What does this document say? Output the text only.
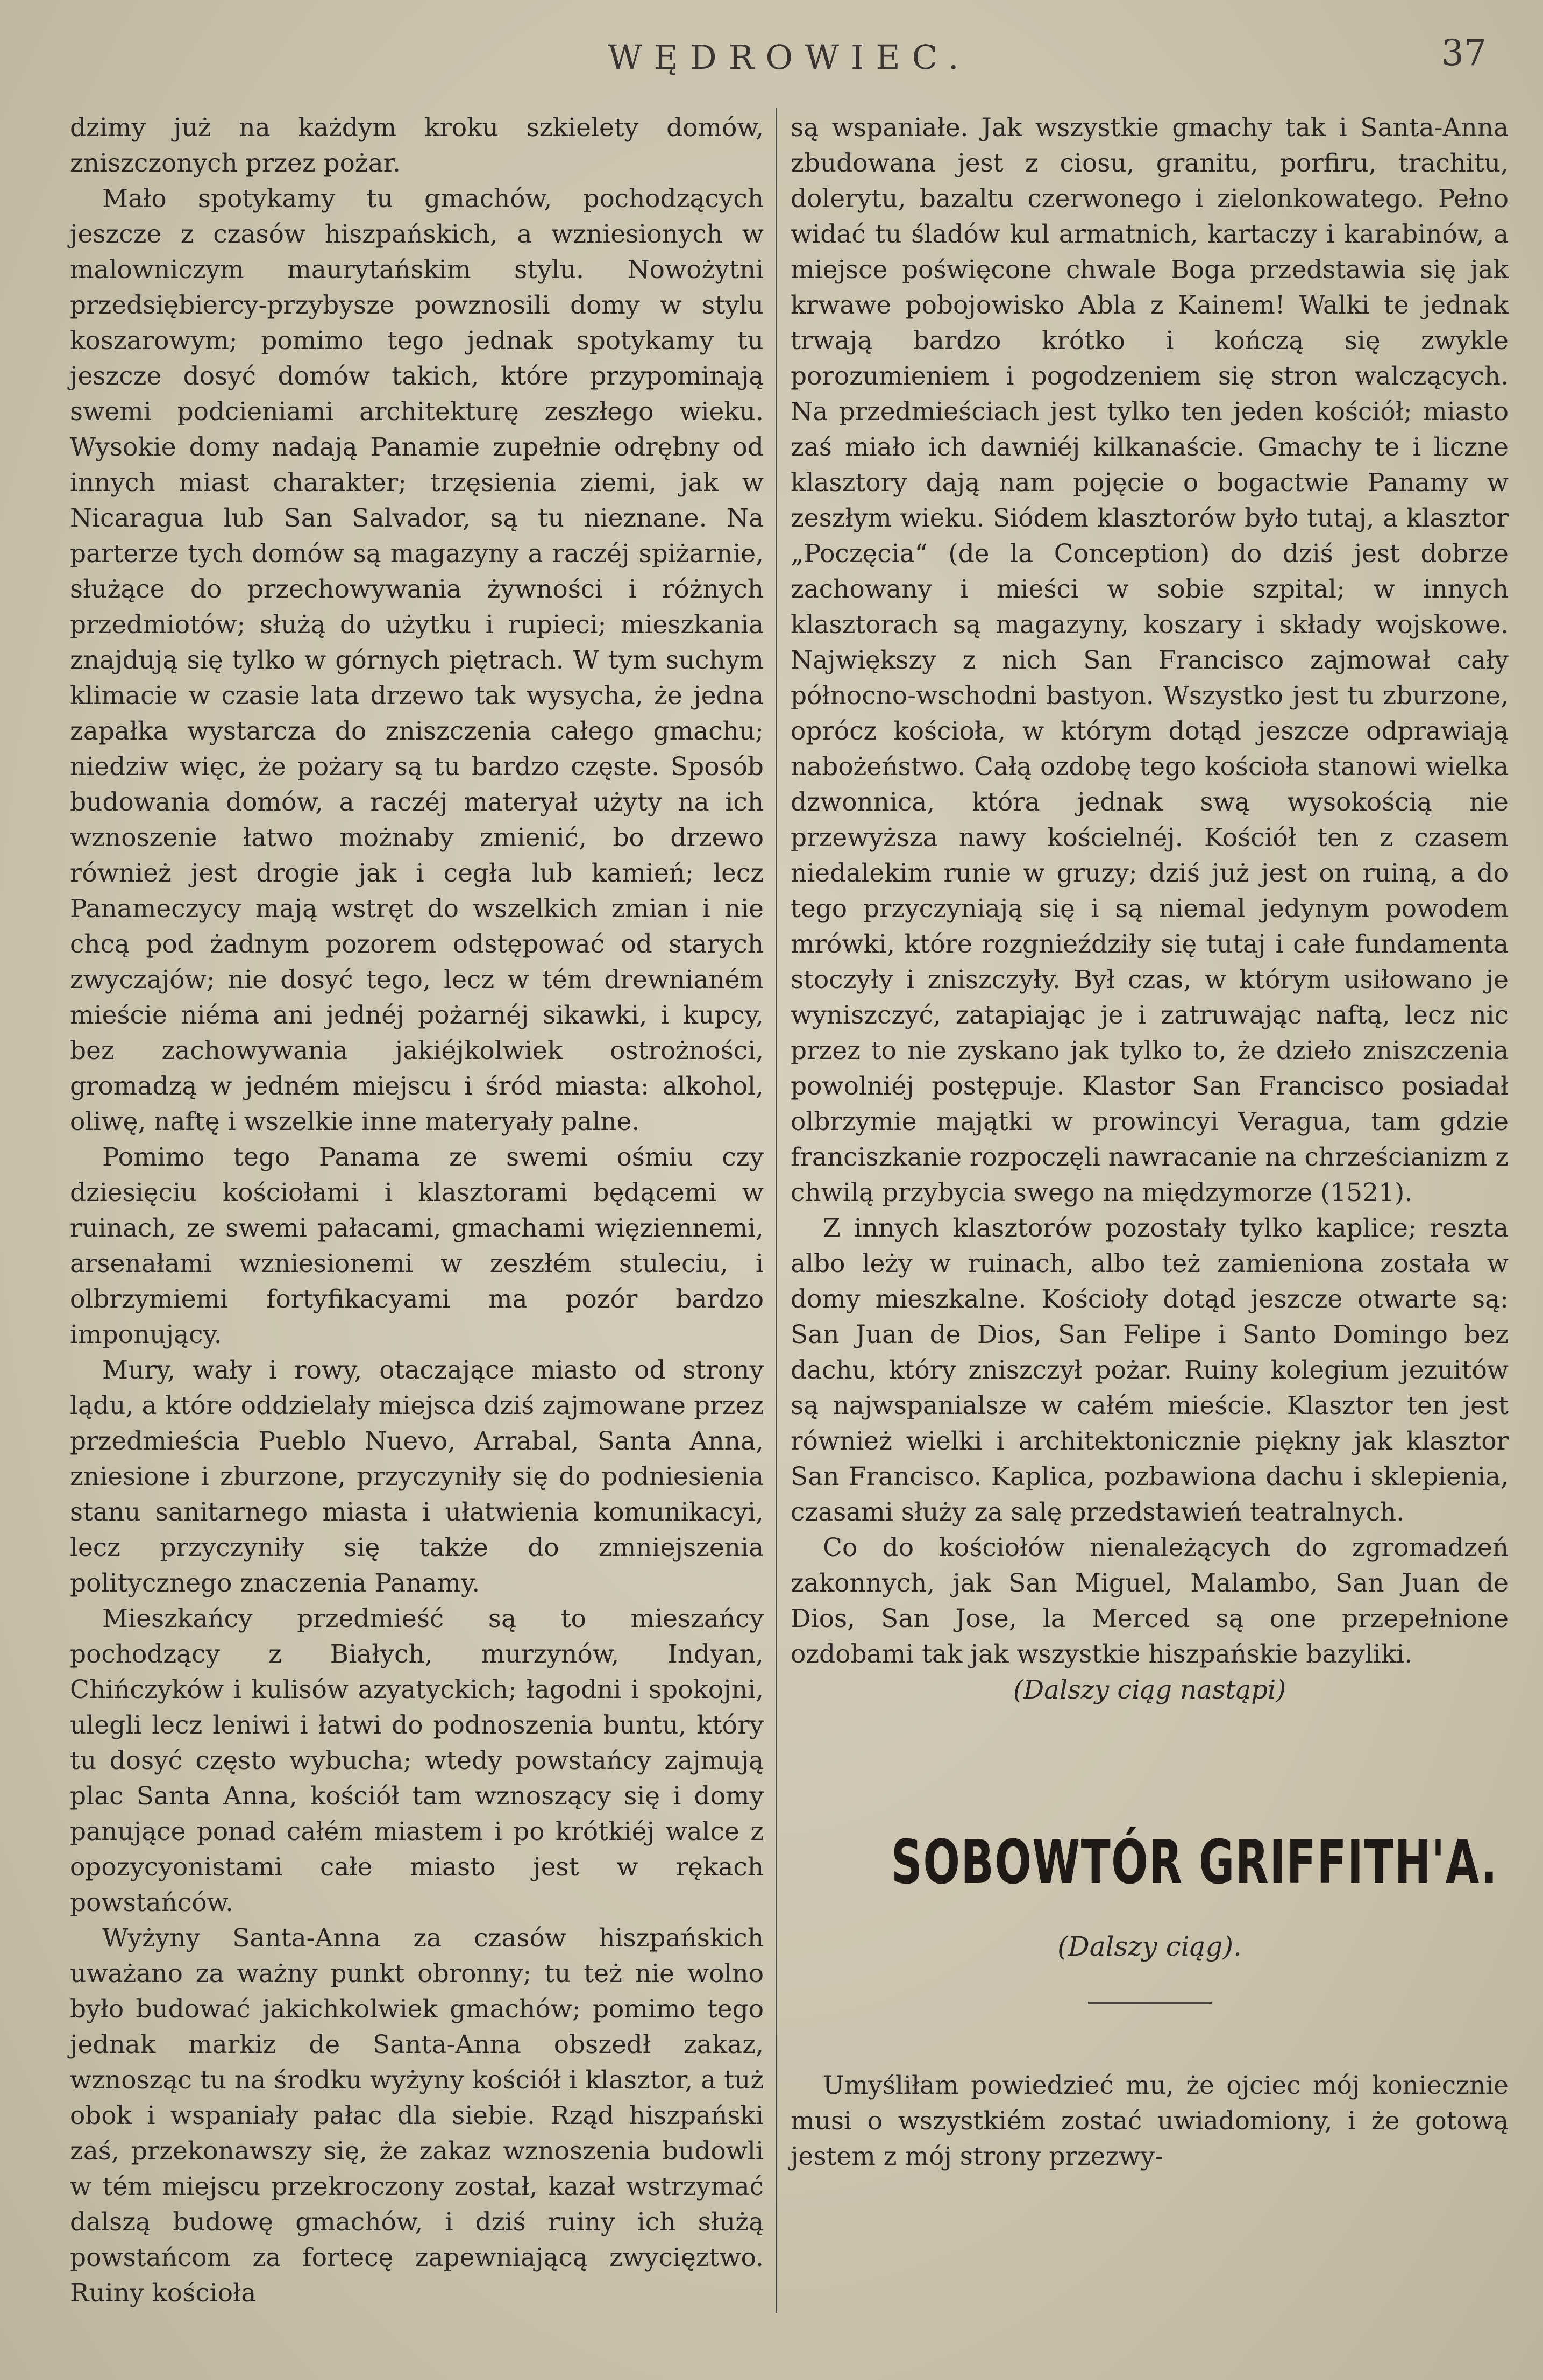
WĘDROWIEC.	37

dzimy już na każdym kroku szkielety domów, zniszczonych przez pożar.

Mało spotykamy tu gmachów, pochodzących jeszcze z czasów hiszpańskich, a wzniesionych w malowniczym maurytańskim stylu. Nowożytni przedsiębiercy-przybysze powznosili domy w stylu koszarowym; pomimo tego jednak spotykamy tu jeszcze dosyć domów takich, które przypominają swemi podcieniami architekturę zeszłego wieku. Wysokie domy nadają Panamie zupełnie odrębny od innych miast charakter; trzęsienia ziemi, jak w Nicaragua lub San Salvador, są tu nieznane. Na parterze tych domów są magazyny a raczéj spiżarnie, służące do przechowywania żywności i różnych przedmiotów; służą do użytku i rupieci; mieszkania znajdują się tylko w górnych piętrach. W tym suchym klimacie w czasie lata drzewo tak wysycha, że jedna zapałka wystarcza do zniszczenia całego gmachu; niedziw więc, że pożary są tu bardzo częste. Sposób budowania domów, a raczéj materyał użyty na ich wznoszenie łatwo możnaby zmienić, bo drzewo również jest drogie jak i cegła lub kamień; lecz Panameczycy mają wstręt do wszelkich zmian i nie chcą pod żadnym pozorem odstępować od starych zwyczajów; nie dosyć tego, lecz w tém drewnianém mieście niéma ani jednéj pożarnéj sikawki, i kupcy, bez zachowywania jakiéjkolwiek ostrożności, gromadzą w jedném miejscu i śród miasta: alkohol, oliwę, naftę i wszelkie inne materyały palne.

Pomimo tego Panama ze swemi ośmiu czy dziesięciu kościołami i klasztorami będącemi w ruinach, ze swemi pałacami, gmachami więziennemi, arsenałami wzniesionemi w zeszłém stuleciu, i olbrzymiemi fortyfikacyami ma pozór bardzo imponujący.

Mury, wały i rowy, otaczające miasto od strony lądu, a które oddzielały miejsca dziś zajmowane przez przedmieścia Pueblo Nuevo, Arrabal, Santa Anna, zniesione i zburzone, przyczyniły się do podniesienia stanu sanitarnego miasta i ułatwienia komunikacyi, lecz przyczyniły się także do zmniejszenia politycznego znaczenia Panamy.

Mieszkańcy przedmieść są to mieszańcy pochodzący z Białych, murzynów, Indyan, Chińczyków i kulisów azyatyckich; łagodni i spokojni, ulegli lecz leniwi i łatwi do podnoszenia buntu, który tu dosyć często wybucha; wtedy powstańcy zajmują plac Santa Anna, kościół tam wznoszący się i domy panujące ponad całém miastem i po krótkiéj walce z opozycyonistami całe miasto jest w rękach powstańców.

Wyżyny Santa-Anna za czasów hiszpańskich uważano za ważny punkt obronny; tu też nie wolno było budować jakichkolwiek gmachów; pomimo tego jednak markiz de Santa-Anna obszedł zakaz, wznosząc tu na środku wyżyny kościół i klasztor, a tuż obok i wspaniały pałac dla siebie. Rząd hiszpański zaś, przekonawszy się, że zakaz wznoszenia budowli w tém miejscu przekroczony został, kazał wstrzymać dalszą budowę gmachów, i dziś ruiny ich służą powstańcom za fortecę zapewniającą zwycięztwo. Ruiny kościoła

są wspaniałe. Jak wszystkie gmachy tak i Santa-Anna zbudowana jest z ciosu, granitu, porfiru, trachitu, dolerytu, bazaltu czerwonego i zielonkowatego. Pełno widać tu śladów kul armatnich, kartaczy i karabinów, a miejsce poświęcone chwale Boga przedstawia się jak krwawe pobojowisko Abla z Kainem! Walki te jednak trwają bardzo krótko i kończą się zwykle porozumieniem i pogodzeniem się stron walczących. Na przedmieściach jest tylko ten jeden kościół; miasto zaś miało ich dawniéj kilkanaście. Gmachy te i liczne klasztory dają nam pojęcie o bogactwie Panamy w zeszłym wieku. Siódem klasztorów było tutaj, a klasztor „Poczęcia“ (de la Conception) do dziś jest dobrze zachowany i mieści w sobie szpital; w innych klasztorach są magazyny, koszary i składy wojskowe. Największy z nich San Francisco zajmował cały północno-wschodni bastyon. Wszystko jest tu zburzone, oprócz kościoła, w którym dotąd jeszcze odprawiają nabożeństwo. Całą ozdobę tego kościoła stanowi wielka dzwonnica, która jednak swą wysokością nie przewyższa nawy kościelnéj. Kościół ten z czasem niedalekim runie w gruzy; dziś już jest on ruiną, a do tego przyczyniają się i są niemal jedynym powodem mrówki, które rozgnieździły się tutaj i całe fundamenta stoczyły i zniszczyły. Był czas, w którym usiłowano je wyniszczyć, zatapiając je i zatruwając naftą, lecz nic przez to nie zyskano jak tylko to, że dzieło zniszczenia powolniéj postępuje. Klastor San Francisco posiadał olbrzymie majątki w prowincyi Veragua, tam gdzie franciszkanie rozpoczęli nawracanie na chrześcianizm z chwilą przybycia swego na międzymorze (1521).

Z innych klasztorów pozostały tylko kaplice; reszta albo leży w ruinach, albo też zamieniona została w domy mieszkalne. Kościoły dotąd jeszcze otwarte są: San Juan de Dios, San Felipe i Santo Domingo bez dachu, który zniszczył pożar. Ruiny kolegium jezuitów są najwspanialsze w całém mieście. Klasztor ten jest również wielki i architektonicznie piękny jak klasztor San Francisco. Kaplica, pozbawiona dachu i sklepienia, czasami służy za salę przedstawień teatralnych.

Co do kościołów nienależących do zgromadzeń zakonnych, jak San Miguel, Malambo, San Juan de Dios, San Jose, la Merced są one przepełnione ozdobami tak jak wszystkie hiszpańskie bazyliki.

(Dalszy ciąg nastąpi)

SOBOWTÓR GRIFFITH'A.
(Dalszy ciąg).

Umyśliłam powiedzieć mu, że ojciec mój koniecznie musi o wszystkiém zostać uwiadomiony, i że gotową jestem z mój strony przezwy-
